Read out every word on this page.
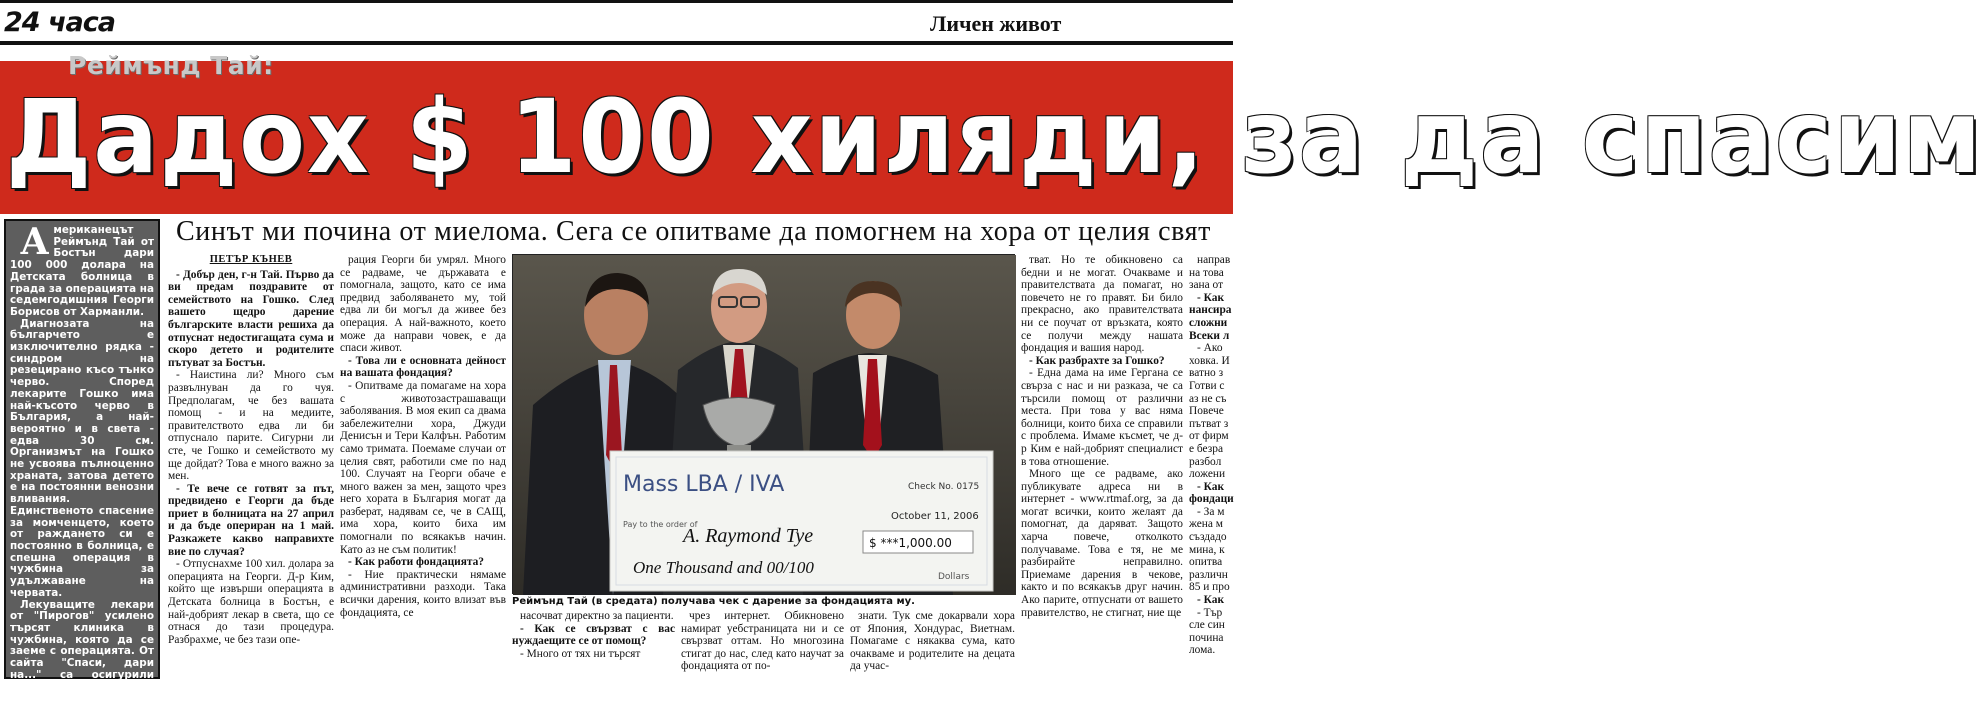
24 часа	Личен живот
Дадох $ 100 хиляди, за да спасим
Реймънд Тай:

Американецът Реймънд Тай от Бостън дари 100 000 долара на Детската болница в града за операцията на седемгодишния Георги Борисов от Харманли.

Диагнозата на българчето е изключително рядка - синдром на резецирано късо тънко черво. Според лекарите Гошко има най-късото черво в България, а най-вероятно и в света - едва 30 см. Организмът на Гошко не усвоява пълноценно храната, затова детето е на постоянни венозни вливания. Единственото спасение за момченцето, което от раждането си е постоянно в болница, е спешна операция в чужбина за удължаване на червата.

Лекуващите лекари от "Пирогов" усилено търсят клиника в чужбина, която да се заеме с операцията. От сайта "Спаси, дари на..." са осигурили единствената оферта за лечение от Детската клиника в Бостън.

Синът ми почина от миелома. Сега се опитваме да помогнем на хора от целия свят
ПЕТЪР КЪНЕВ

- Добър ден, г-н Тай. Първо да ви предам поздравите от семейството на Гошко. След вашето щедро дарение българските власти решиха да отпуснат недостигащата сума и скоро детето и родителите пътуват за Бостън.

- Наистина ли? Много съм развълнуван да го чуя. Предполагам, че без вашата помощ - и на медиите, правителството едва ли би отпуснало парите. Сигурни ли сте, че Гошко и семейството му ще дойдат? Това е много важно за мен.

- Те вече се готвят за път, предвидено е Георги да бъде приет в болницата на 27 април и да бъде опериран на 1 май. Разкажете какво направихте вие по случая?

- Отпуснахме 100 хил. долара за операцията на Георги. Д-р Ким, който ще извърши операцията в Детската болница в Бостън, е най-добрият лекар в света, що се отнася до тази процедура. Разбрахме, че без тази опе-

рация Георги би умрял. Много се радваме, че държавата е помогнала, защото, като се има предвид заболяването му, той едва ли би могъл да живее без операция. А най-важното, което може да направи човек, е да спаси живот.

- Това ли е основната дейност на вашата фондация?

- Опитваме да помагаме на хора с животозастрашаващи заболявания. В моя екип са двама забележителни хора, Джуди Денисън и Тери Калфън. Работим само тримата. Поемаме случаи от целия свят, работили сме по над 100. Случаят на Георги обаче е много важен за мен, защото чрез него хората в България могат да разберат, надявам се, че в САЩ, има хора, които биха им помогнали по всякакъв начин. Като аз не съм политик!

- Как работи фондацията?

- Ние практически нямаме административни разходи. Така всички дарения, които влизат във фондацията, се

тват. Но те обикновено са бедни и не могат. Очакваме и правителствата да помагат, но повечето не го правят. Би било прекрасно, ако правителствата ни се поучат от връзката, която се получи между нашата фондация и вашия народ.

- Как разбрахте за Гошко?

- Една дама на име Гергана се свърза с нас и ни разказа, че са търсили помощ от различни места. При това у вас няма болници, които биха се справили с проблема. Имаме късмет, че д-р Ким е най-добрият специалист в това отношение.

Много ще се радваме, ако публикувате адреса ни в интернет - www.rtmaf.org, за да могат всички, които желаят да помогнат, да даряват. Защото харча повече, отколкото получаваме. Това е тя, не ме разбирайте неправилно. Приемаме дарения в чекове, както и по всякакъв друг начин. Ако парите, отпуснати от вашето правителство, не стигнат, ние ще

направ на това зана от

- Как нансира сложни Всеки л

- Ако ховка. И ватно з Готви с аз не съ Повече пътват з от фирм е безра разбол ложени

- Как фондаци

- За м жена м създадо мина, к опитва различн 85 и про

- Как

- Тър сле син почина лома.

насочват директно за пациенти.

- Как се свързват с вас нуждаещите се от помощ?

- Много от тях ни търсят

чрез интернет. Обикновено намират уебстраницата ни и се свързват оттам. Но многозина стигат до нас, след като научат за фондацията от по-

знати. Тук сме докарвали хора от Япония, Хондурас, Виетнам. Помагаме с някаква сума, като очакваме и родителите на децата да учас-

Mass LBA / IVA	Check No. 0175
October 11, 2006
Pay to the order of
A. Raymond Tye	$ ***1,000.00
One Thousand and 00/100	Dollars
Реймънд Тай (в средата) получава чек с дарение за фондацията му.
